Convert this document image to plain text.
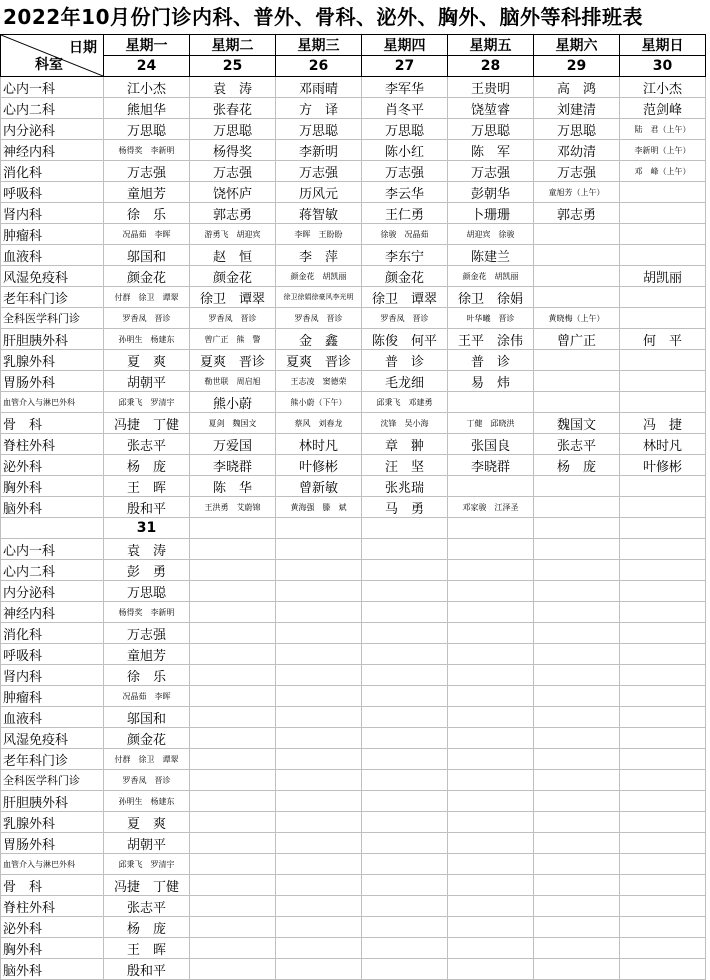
2022年10月份门诊内科、普外、骨科、泌外、胸外、脑外等科排班表
日期
科室	星期一	星期二	星期三	星期四	星期五	星期六	星期日
	24	25	26	27	28	29	30
心内一科	江小杰	袁　涛	邓雨晴	李军华	王贵明	高　鸿	江小杰
心内二科	熊旭华	张春花	方　译	肖冬平	饶堃睿	刘建清	范剑峰
内分泌科	万思聪	万思聪	万思聪	万思聪	万思聪	万思聪	陆　君（上午）
神经内科	杨得奖　李新明	杨得奖	李新明	陈小红	陈　军	邓幼清	李新明（上午）
消化科	万志强	万志强	万志强	万志强	万志强	万志强	邓　峰（上午）
呼吸科	童旭芳	饶怀庐	历风元	李云华	彭朝华	童旭芳（上午）	
肾内科	徐　乐	郭志勇	蒋智敏	王仁勇	卜珊珊	郭志勇	
肿瘤科	况晶茹　李晖	游勇飞　胡迎宾	李晖　王盼盼	徐骏　况晶茹	胡迎宾　徐骏		
血液科	邬国和	赵　恒	李　萍	李东宁	陈建兰		
风湿免疫科	颜金花	颜金花	颜金花　胡凯丽	颜金花	颜金花　胡凯丽		胡凯丽
老年科门诊	付群　徐卫　谭翠	徐卫　谭翠	徐卫徐娟徐豪风李光明	徐卫　谭翠	徐卫　徐娟		
全科医学科门诊	罗香凤　晋诊	罗香凤　晋诊	罗香凤　晋诊	罗香凤　晋诊	叶华曦　晋诊	黄晓梅（上午）	
肝胆胰外科	孙明生　杨建东	曾广正　熊　警	金　鑫	陈俊　何平	王平　涂伟	曾广正	何　平
乳腺外科	夏　爽	夏爽　晋诊	夏爽　晋诊	普　诊	普　诊		
胃肠外科	胡朝平	勒世联　周启旭	王志凌　窦德荣	毛龙细	易　炜		
血管介入与淋巴外科	邱秉飞　罗清宇	熊小蔚	熊小蔚（下午）	邱秉飞　邓建勇			
骨　科	冯捷　丁健	夏剑　魏国文	蔡风　刘春龙	沈锋　吴小海	丁健　邱晓洪	魏国文	冯　捷
脊柱外科	张志平	万爱国	林时凡	章　翀	张国良	张志平	林时凡
泌外科	杨　庞	李晓群	叶修彬	汪　坚	李晓群	杨　庞	叶修彬
胸外科	王　晖	陈　华	曾新敏	张兆瑞			
脑外科	殷和平	王洪勇　艾蔚锦	黄海强　滕　斌	马　勇	邓家骏　江泽圣		
	31						
心内一科	袁　涛						
心内二科	彭　勇						
内分泌科	万思聪						
神经内科	杨得奖　李新明						
消化科	万志强						
呼吸科	童旭芳						
肾内科	徐　乐						
肿瘤科	况晶茹　李晖						
血液科	邬国和						
风湿免疫科	颜金花						
老年科门诊	付群　徐卫　谭翠						
全科医学科门诊	罗香凤　晋诊						
肝胆胰外科	孙明生　杨建东						
乳腺外科	夏　爽						
胃肠外科	胡朝平						
血管介入与淋巴外科	邱秉飞　罗清宇						
骨　科	冯捷　丁健						
脊柱外科	张志平						
泌外科	杨　庞						
胸外科	王　晖						
脑外科	殷和平						
